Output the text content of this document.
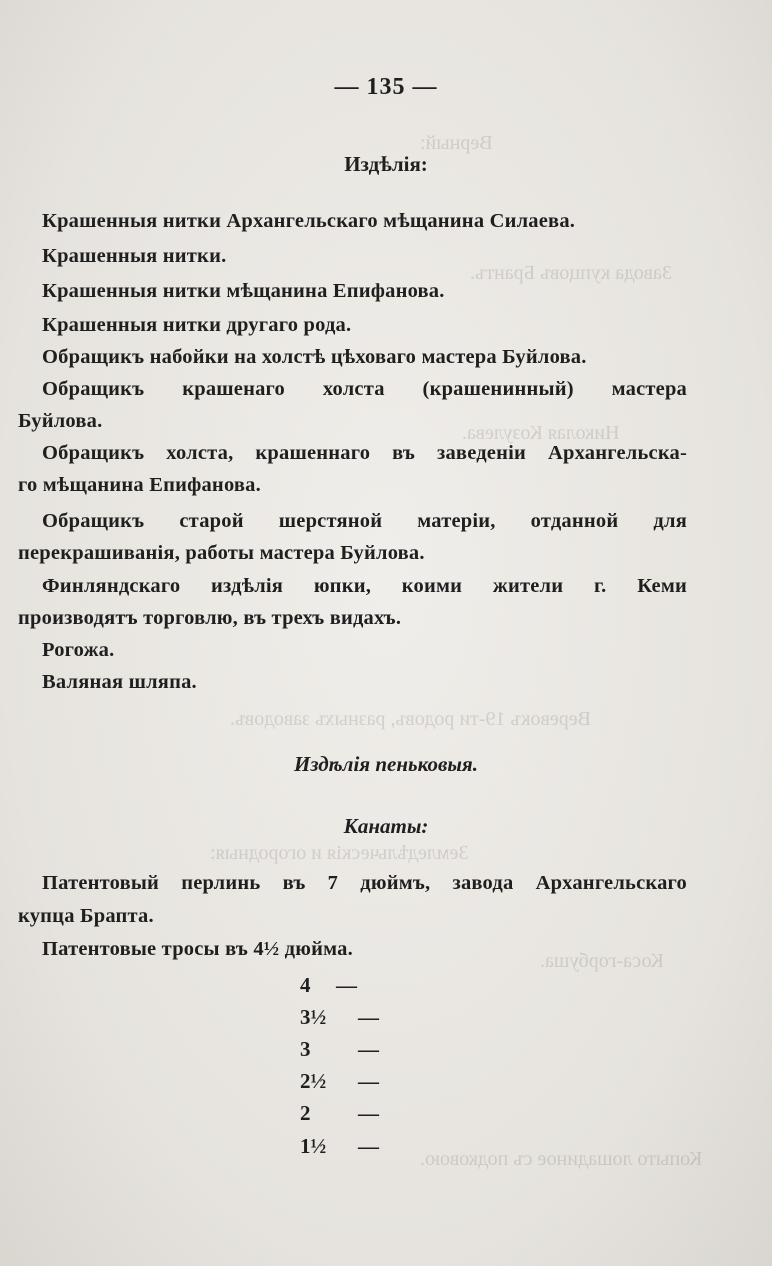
Верный:
Завода купцовъ Брантъ.
Николая Козулева.
Веревокъ 19-ти родовъ, разныхъ заводовъ.
Земледѣльческія и огородныя:
Коса-горбуша.
Копыто лошадиное съ подковою.
— 135 —
Издѣлія:
Крашенныя нитки Архангельскаго мѣщанина Силаева.
Крашенныя нитки.
Крашенныя нитки мѣщанина Епифанова.
Крашенныя нитки другаго рода.
Обращикъ набойки на холстѣ цѣховаго мастера Буйлова.
Обращикъ крашенаго холста (крашенинный) мастера
Буйлова.
Обращикъ холста, крашеннаго въ заведеніи Архангельска-
го мѣщанина Епифанова.
Обращикъ старой шерстяной матеріи, отданной для
перекрашиванія, работы мастера Буйлова.
Финляндскаго издѣлія юпки, коими жители г. Кеми
производятъ торговлю, въ трехъ видахъ.
Рогожа.
Валяная шляпа.
Издѣлія пеньковыя.
Канаты:
Патентовый перлинь въ 7 дюймъ, завода Архангельскаго
купца Брапта.
Патентовые тросы въ 4½ дюйма.
4 —
3½ —
3 —
2½ —
2 —
1½ —
